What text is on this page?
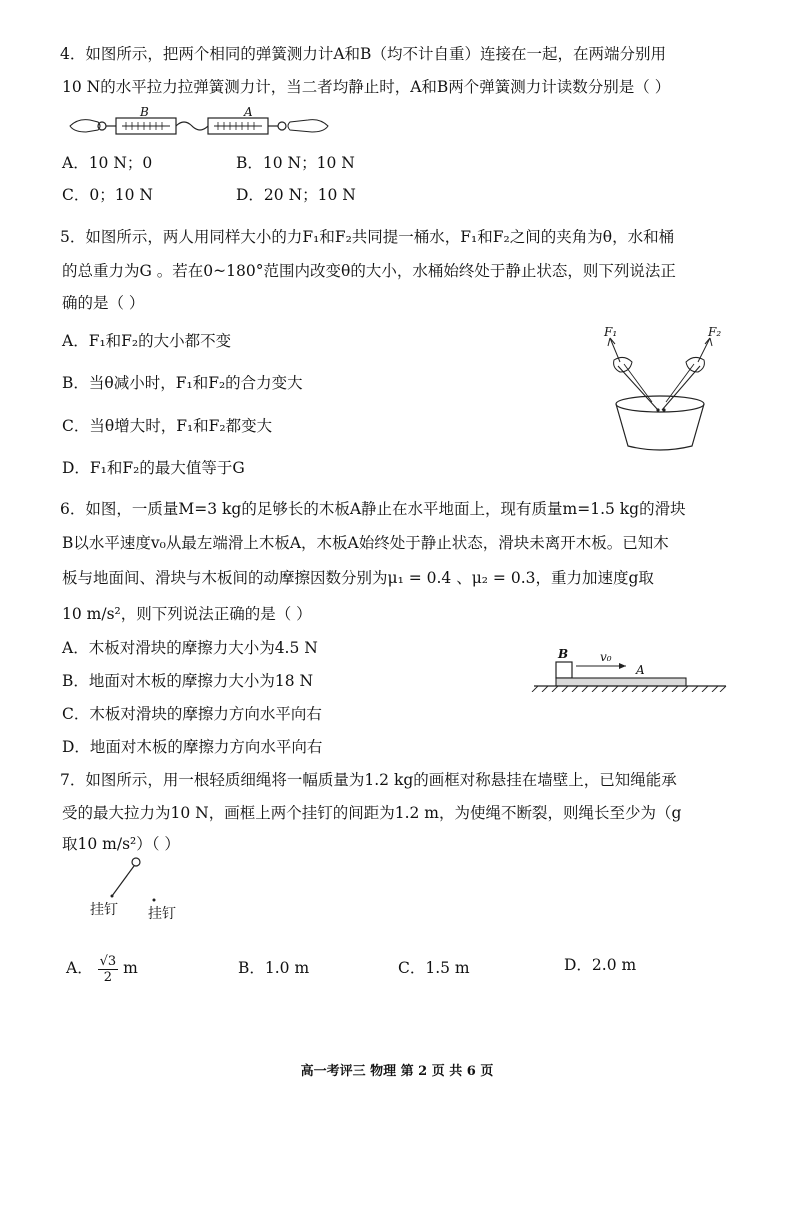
4．如图所示，把两个相同的弹簧测力计A和B（均不计自重）连接在一起，在两端分别用
10 N的水平拉力拉弹簧测力计，当二者均静止时，A和B两个弹簧测力计读数分别是（ ）
B	A
A．10 N；0	B．10 N；10 N
C．0；10 N	D．20 N；10 N
5．如图所示，两人用同样大小的力F₁和F₂共同提一桶水，F₁和F₂之间的夹角为θ，水和桶
的总重力为G 。若在0~180°范围内改变θ的大小，水桶始终处于静止状态，则下列说法正
确的是（ ）
F₁	F₂
A．F₁和F₂的大小都不变
B．当θ减小时，F₁和F₂的合力变大
C．当θ增大时，F₁和F₂都变大
D．F₁和F₂的最大值等于G
6．如图，一质量M=3 kg的足够长的木板A静止在水平地面上，现有质量m=1.5 kg的滑块
B以水平速度v₀从最左端滑上木板A，木板A始终处于静止状态，滑块未离开木板。已知木
板与地面间、滑块与木板间的动摩擦因数分别为μ₁ = 0.4 、μ₂ = 0.3，重力加速度g取
10 m/s²，则下列说法正确的是（ ）
B	v₀
A
A．木板对滑块的摩擦力大小为4.5 N
B．地面对木板的摩擦力大小为18 N
C．木板对滑块的摩擦力方向水平向右
D．地面对木板的摩擦力方向水平向右
7．如图所示，用一根轻质细绳将一幅质量为1.2 kg的画框对称悬挂在墙壁上，已知绳能承
受的最大拉力为10 N，画框上两个挂钉的间距为1.2 m，为使绳不断裂，则绳长至少为（g
取10 m/s²）（ ）
挂钉 挂钉
A． $\frac{√3}{2}$ m	B．1.0 m	C．1.5 m	D．2.0 m
高一考评三 物理 第 2 页 共 6 页
